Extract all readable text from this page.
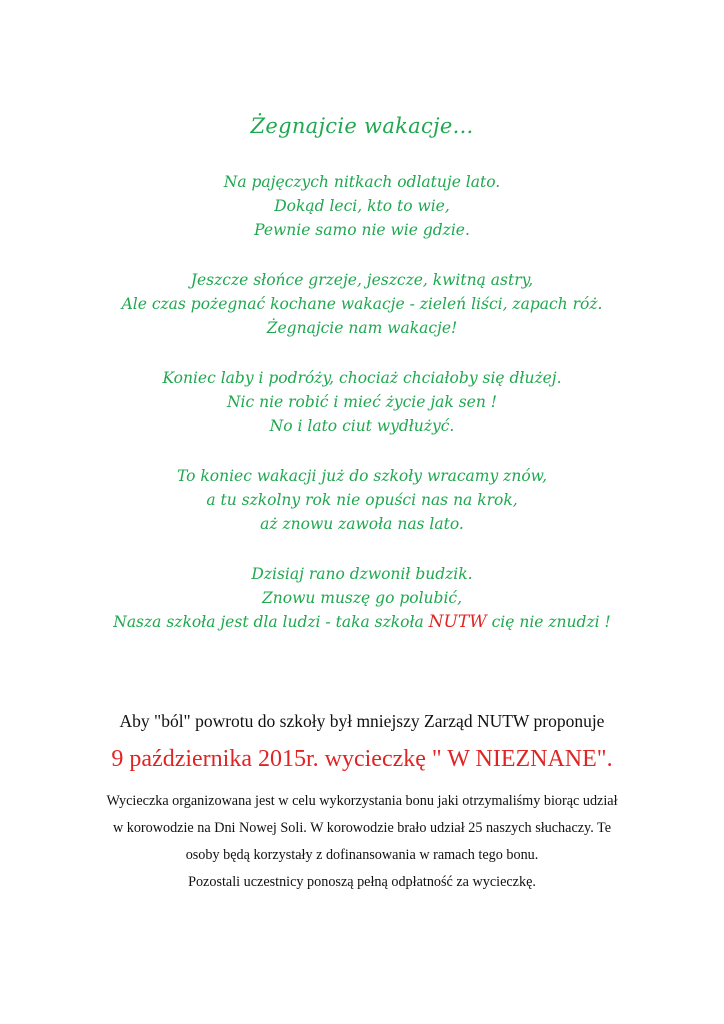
Żegnajcie wakacje...
Na pajęczych nitkach odlatuje lato.
Dokąd leci, kto to wie,
Pewnie samo nie wie gdzie.
Jeszcze słońce grzeje, jeszcze, kwitną astry,
Ale czas pożegnać kochane wakacje - zieleń liści, zapach róż.
Żegnajcie nam wakacje!
Koniec laby i podróży, chociaż chciałoby się dłużej.
Nic nie robić i mieć życie jak sen !
No i lato ciut wydłużyć.
To koniec wakacji już do szkoły wracamy znów,
a tu szkolny rok nie opuści nas na krok,
aż znowu zawoła nas lato.
Dzisiaj rano dzwonił budzik.
Znowu muszę go polubić,
Nasza szkoła jest dla ludzi - taka szkoła NUTW cię nie znudzi !
Aby "ból" powrotu do szkoły był mniejszy Zarząd NUTW proponuje
9 października 2015r. wycieczkę " W NIEZNANE".
Wycieczka organizowana jest w celu wykorzystania bonu jaki otrzymaliśmy biorąc udział
w korowodzie na Dni Nowej Soli. W korowodzie brało udział 25 naszych słuchaczy. Te
osoby będą korzystały z dofinansowania w ramach tego bonu.
Pozostali uczestnicy ponoszą pełną odpłatność za wycieczkę.
